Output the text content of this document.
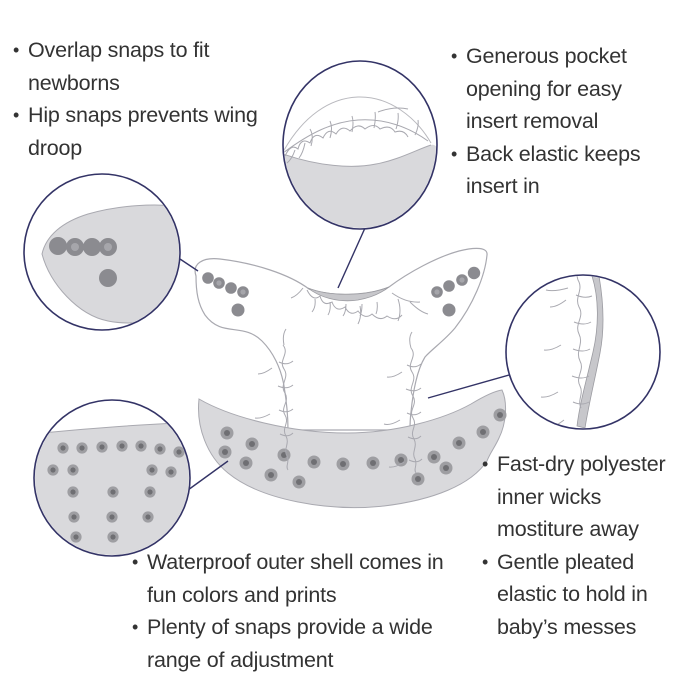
• Overlap snaps to fit
newborns
• Hip snaps prevents wing
droop
• Generous pocket
opening for easy
insert removal
• Back elastic keeps
insert in
• Fast-dry polyester
inner wicks
mostiture away
• Gentle pleated
elastic to hold in
baby’s messes
• Waterproof outer shell comes in
fun colors and prints
• Plenty of snaps provide a wide
range of adjustment
